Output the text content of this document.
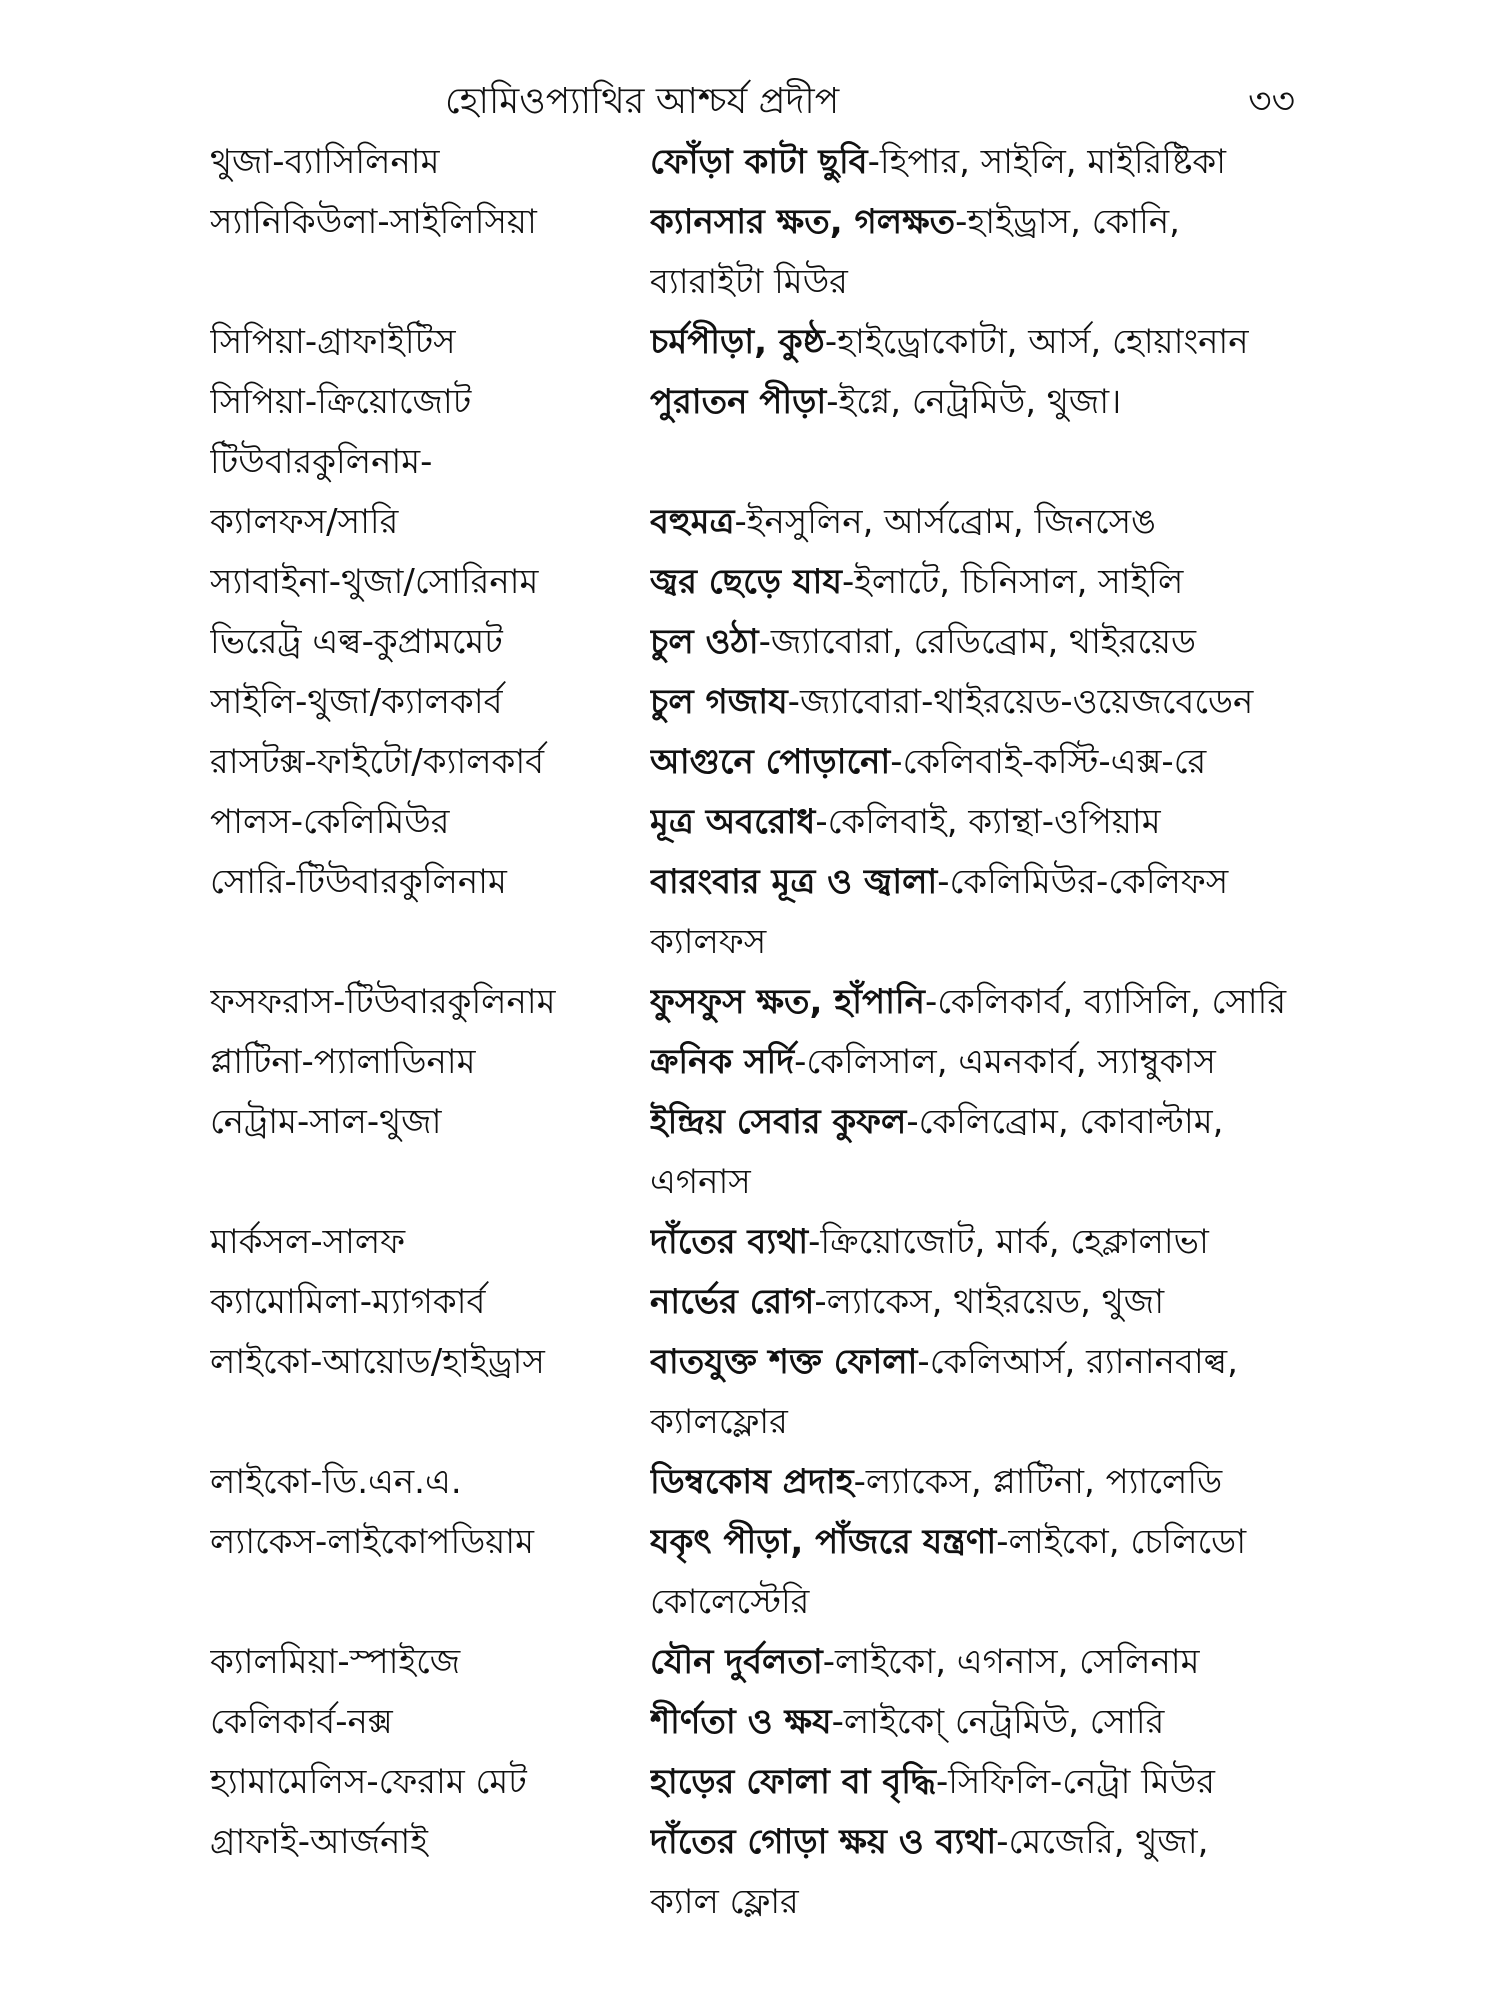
হোমিওপ্যাথির আশ্চর্য প্রদীপ	৩৩
থুজা-ব্যাসিলিনাম	ফোঁড়া কাটা ছুবি-হিপার, সাইলি, মাইরিষ্টিকা
স্যানিকিউলা-সাইলিসিয়া	ক্যানসার ক্ষত, গলক্ষত-হাইড্রাস, কোনি,
ব্যারাইটা মিউর
সিপিয়া-গ্রাফাইটিস	চর্মপীড়া, কুষ্ঠ-হাইড্রোকোটা, আর্স, হোয়াংনান
সিপিয়া-ক্রিয়োজোট	পুরাতন পীড়া-ইগ্নে, নেট্রমিউ, থুজা।
টিউবারকুলিনাম-
ক্যালফস/সারি	বহুমত্র-ইনসুলিন, আর্সব্রোম, জিনসেঙ
স্যাবাইনা-থুজা/সোরিনাম	জ্বর ছেড়ে যায-ইলাটে, চিনিসাল, সাইলি
ভিরেট্র এল্ব-কুপ্রামমেট	চুল ওঠা-জ্যাবোরা, রেডিব্রোম, থাইরয়েড
সাইলি-থুজা/ক্যালকার্ব	চুল গজায-জ্যাবোরা-থাইরয়েড-ওয়েজবেডেন
রাসটক্স-ফাইটো/ক্যালকার্ব	আগুনে পোড়ানো-কেলিবাই-কস্টি-এক্স-রে
পালস-কেলিমিউর	মূত্র অবরোধ-কেলিবাই, ক্যান্থা-ওপিয়াম
সোরি-টিউবারকুলিনাম	বারংবার মূত্র ও জ্বালা-কেলিমিউর-কেলিফস
ক্যালফস
ফসফরাস-টিউবারকুলিনাম	ফুসফুস ক্ষত, হাঁপানি-কেলিকার্ব, ব্যাসিলি, সোরি
প্লাটিনা-প্যালাডিনাম	ক্রনিক সর্দি-কেলিসাল, এমনকার্ব, স্যাম্বুকাস
নেট্রাম-সাল-থুজা	ইন্দ্রিয় সেবার কুফল-কেলিব্রোম, কোবাল্টাম,
এগনাস
মার্কসল-সালফ	দাঁতের ব্যথা-ক্রিয়োজোট, মার্ক, হেক্লালাভা
ক্যামোমিলা-ম্যাগকার্ব	নার্ভের রোগ-ল্যাকেস, থাইরয়েড, থুজা
লাইকো-আয়োড/হাইড্রাস	বাতযুক্ত শক্ত ফোলা-কেলিআর্স, র‍্যানানবাল্ব,
ক্যালফ্লোর
লাইকো-ডি.এন.এ.	ডিম্বকোষ প্রদাহ-ল্যাকেস, প্লাটিনা, প্যালেডি
ল্যাকেস-লাইকোপডিয়াম	যকৃৎ পীড়া, পাঁজরে যন্ত্রণা-লাইকো, চেলিডো
কোলেস্টেরি
ক্যালমিয়া-স্পাইজে	যৌন দুর্বলতা-লাইকো, এগনাস, সেলিনাম
কেলিকার্ব-নক্স	শীর্ণতা ও ক্ষয-লাইকো্‌ নেট্রমিউ, সোরি
হ্যামামেলিস-ফেরাম মেট	হাড়ের ফোলা বা বৃদ্ধি-সিফিলি-নেট্রা মিউর
গ্রাফাই-আর্জনাই	দাঁতের গোড়া ক্ষয় ও ব্যথা-মেজেরি, থুজা,
ক্যাল ফ্লোর
